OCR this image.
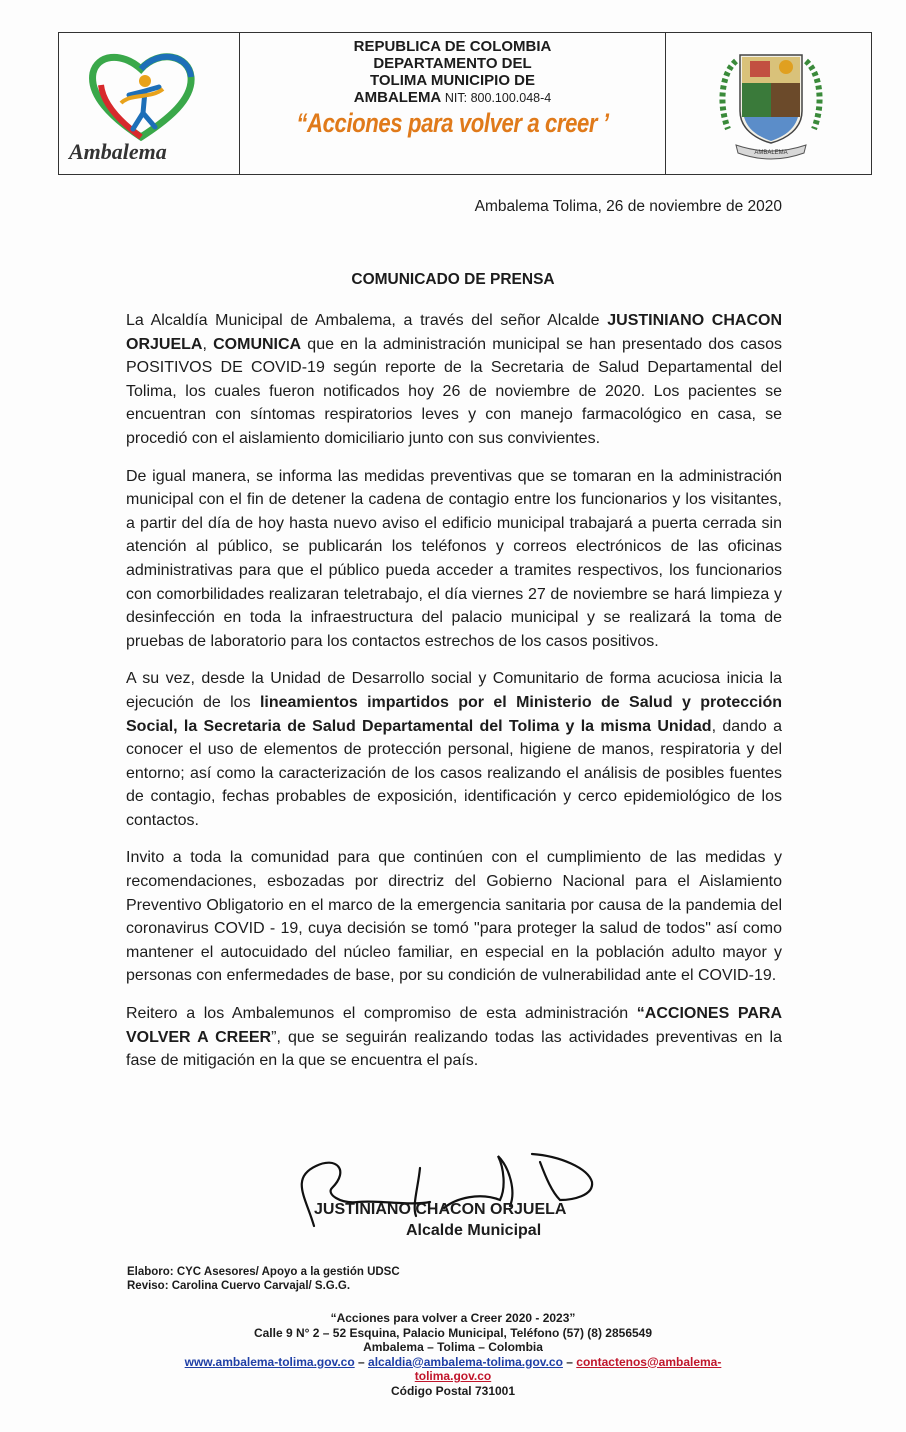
Ambalema
REPUBLICA DE COLOMBIA
DEPARTAMENTO DEL
TOLIMA MUNICIPIO DE
AMBALEMA NIT: 800.100.048-4
“Acciones para volver a creer ’
AMBALEMA
Ambalema Tolima, 26 de noviembre de 2020
COMUNICADO DE PRENSA

La Alcaldía Municipal de Ambalema, a través del señor Alcalde JUSTINIANO CHACON ORJUELA, COMUNICA que en la administración municipal se han presentado dos casos POSITIVOS DE COVID-19 según reporte de la Secretaria de Salud Departamental del Tolima, los cuales fueron notificados hoy 26 de noviembre de 2020. Los pacientes se encuentran con síntomas respiratorios leves y con manejo farmacológico en casa, se procedió con el aislamiento domiciliario junto con sus convivientes.

De igual manera, se informa las medidas preventivas que se tomaran en la administración municipal con el fin de detener la cadena de contagio entre los funcionarios y los visitantes, a partir del día de hoy hasta nuevo aviso el edificio municipal trabajará a puerta cerrada sin atención al público, se publicarán los teléfonos y correos electrónicos de las oficinas administrativas para que el público pueda acceder a tramites respectivos, los funcionarios con comorbilidades realizaran teletrabajo, el día viernes 27 de noviembre se hará limpieza y desinfección en toda la infraestructura del palacio municipal y se realizará la toma de pruebas de laboratorio para los contactos estrechos de los casos positivos.

A su vez, desde la Unidad de Desarrollo social y Comunitario de forma acuciosa inicia la ejecución de los lineamientos impartidos por el Ministerio de Salud y protección Social, la Secretaria de Salud Departamental del Tolima y la misma Unidad, dando a conocer el uso de elementos de protección personal, higiene de manos, respiratoria y del entorno; así como la caracterización de los casos realizando el análisis de posibles fuentes de contagio, fechas probables de exposición, identificación y cerco epidemiológico de los contactos.

Invito a toda la comunidad para que continúen con el cumplimiento de las medidas y recomendaciones, esbozadas por directriz del Gobierno Nacional para el Aislamiento Preventivo Obligatorio en el marco de la emergencia sanitaria por causa de la pandemia del coronavirus COVID - 19, cuya decisión se tomó "para proteger la salud de todos" así como mantener el autocuidado del núcleo familiar, en especial en la población adulto mayor y personas con enfermedades de base, por su condición de vulnerabilidad ante el COVID-19.

Reitero a los Ambalemunos el compromiso de esta administración “ACCIONES PARA VOLVER A CREER”, que se seguirán realizando todas las actividades preventivas en la fase de mitigación en la que se encuentra el país.

JUSTINIANO CHACON ORJUELA
Alcalde Municipal
Elaboro: CYC Asesores/ Apoyo a la gestión UDSC
Reviso: Carolina Cuervo Carvajal/ S.G.G.
“Acciones para volver a Creer 2020 - 2023”
Calle 9 N° 2 – 52 Esquina, Palacio Municipal, Teléfono (57) (8) 2856549
Ambalema – Tolima – Colombia
www.ambalema-tolima.gov.co – alcaldia@ambalema-tolima.gov.co – contactenos@ambalema-
tolima.gov.co
Código Postal 731001
